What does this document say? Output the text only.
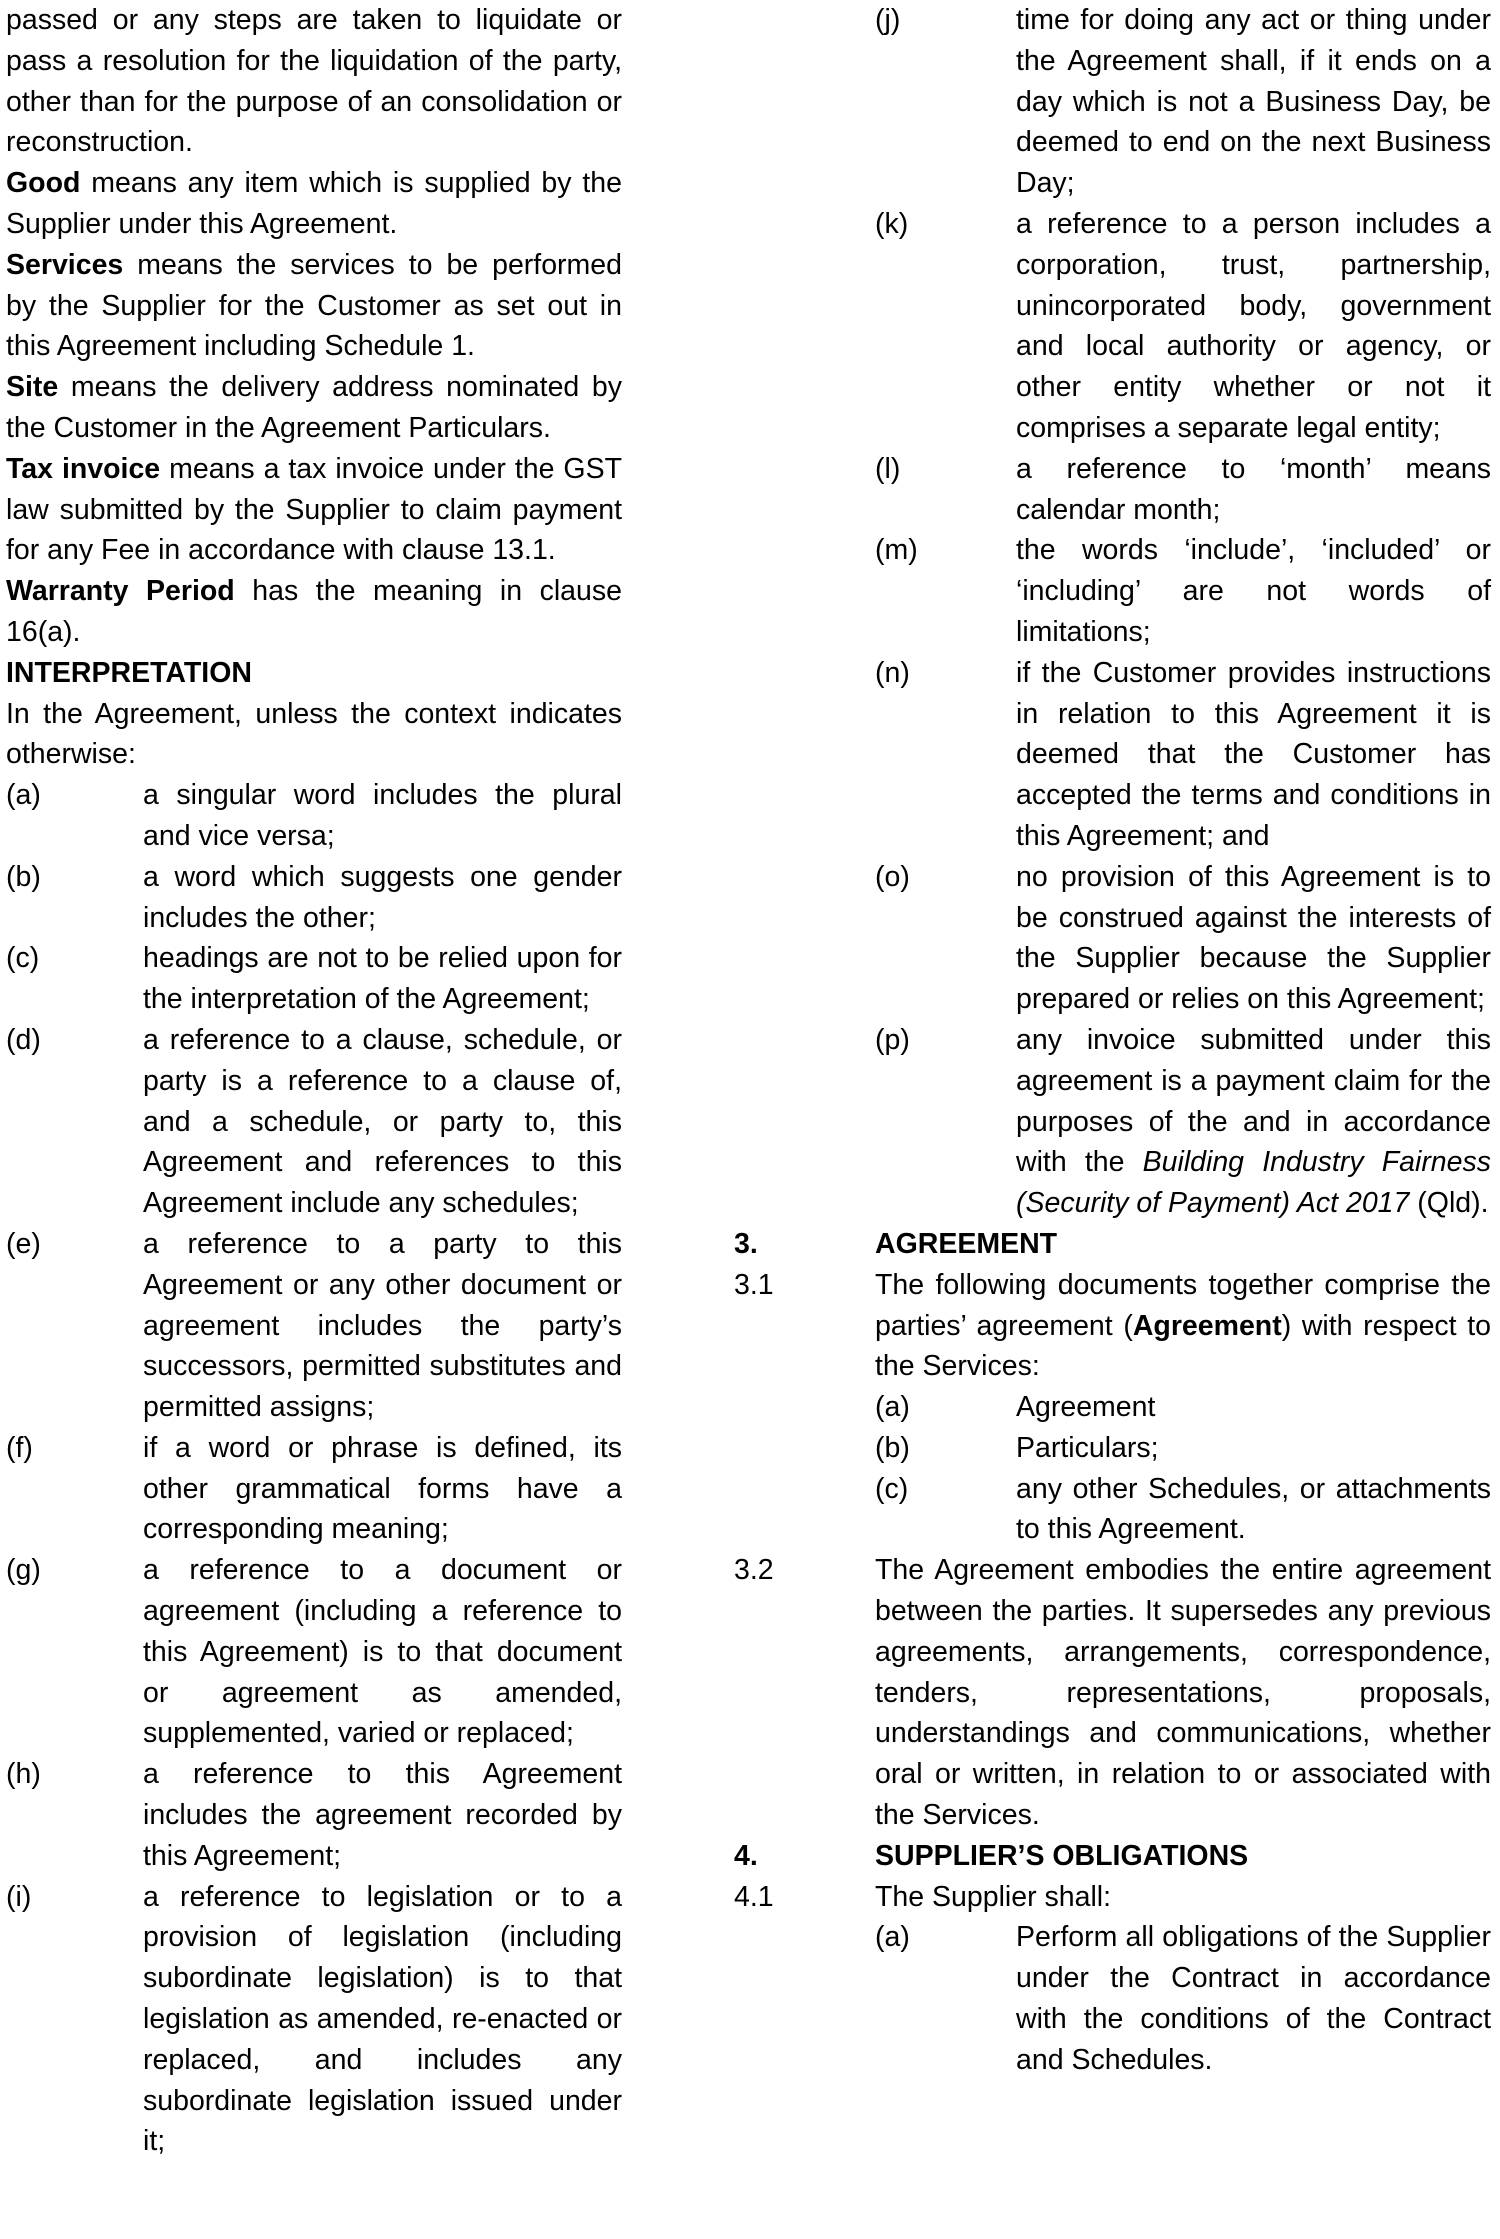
passed or any steps are taken to liquidate or pass a resolution for the liquidation of the party, other than for the purpose of an consolidation or reconstruction.

Good means any item which is supplied by the Supplier under this Agreement.

Services means the services to be performed by the Supplier for the Customer as set out in this Agreement including Schedule 1.

Site means the delivery address nominated by the Customer in the Agreement Particulars.

Tax invoice means a tax invoice under the GST law submitted by the Supplier to claim payment for any Fee in accordance with clause 13.1.

Warranty Period has the meaning in clause 16(a).

INTERPRETATION

In the Agreement, unless the context indicates otherwise:

(a)	a singular word includes the plural and vice versa;
(b)	a word which suggests one gender includes the other;
(c)	headings are not to be relied upon for the interpretation of the Agreement;
(d)	a reference to a clause, schedule, or party is a reference to a clause of, and a schedule, or party to, this Agreement and references to this Agreement include any schedules;
(e)	a reference to a party to this Agreement or any other document or agreement includes the party’s successors, permitted substitutes and permitted assigns;
(f)	if a word or phrase is defined, its other grammatical forms have a corresponding meaning;
(g)	a reference to a document or agreement (including a reference to this Agreement) is to that document or agreement as amended, supplemented, varied or replaced;
(h)	a reference to this Agreement includes the agreement recorded by this Agreement;
(i)	a reference to legislation or to a provision of legislation (including subordinate legislation) is to that legislation as amended, re-enacted or replaced, and includes any subordinate legislation issued under it;
(j)	time for doing any act or thing under the Agreement shall, if it ends on a day which is not a Business Day, be deemed to end on the next Business Day;
(k)	a reference to a person includes a corporation, trust, partnership, unincorporated body, government and local authority or agency, or other entity whether or not it comprises a separate legal entity;
(l)	a reference to ‘month’ means calendar month;
(m)	the words ‘include’, ‘included’ or ‘including’ are not words of limitations;
(n)	if the Customer provides instructions in relation to this Agreement it is deemed that the Customer has accepted the terms and conditions in this Agreement; and
(o)	no provision of this Agreement is to be construed against the interests of the Supplier because the Supplier prepared or relies on this Agreement;
(p)	any invoice submitted under this agreement is a payment claim for the purposes of the and in accordance with the Building Industry Fairness (Security of Payment) Act 2017 (Qld).
3.	AGREEMENT
3.1	The following documents together comprise the parties’ agreement (Agreement) with respect to the Services:
(a)	Agreement
(b)	Particulars;
(c)	any other Schedules, or attachments to this Agreement.
3.2	The Agreement embodies the entire agreement between the parties. It supersedes any previous agreements, arrangements, correspondence, tenders, representations, proposals, understandings and communications, whether oral or written, in relation to or associated with the Services.
4.	SUPPLIER’S OBLIGATIONS
4.1	The Supplier shall:
(a)	Perform all obligations of the Supplier under the Contract in accordance with the conditions of the Contract and Schedules.
